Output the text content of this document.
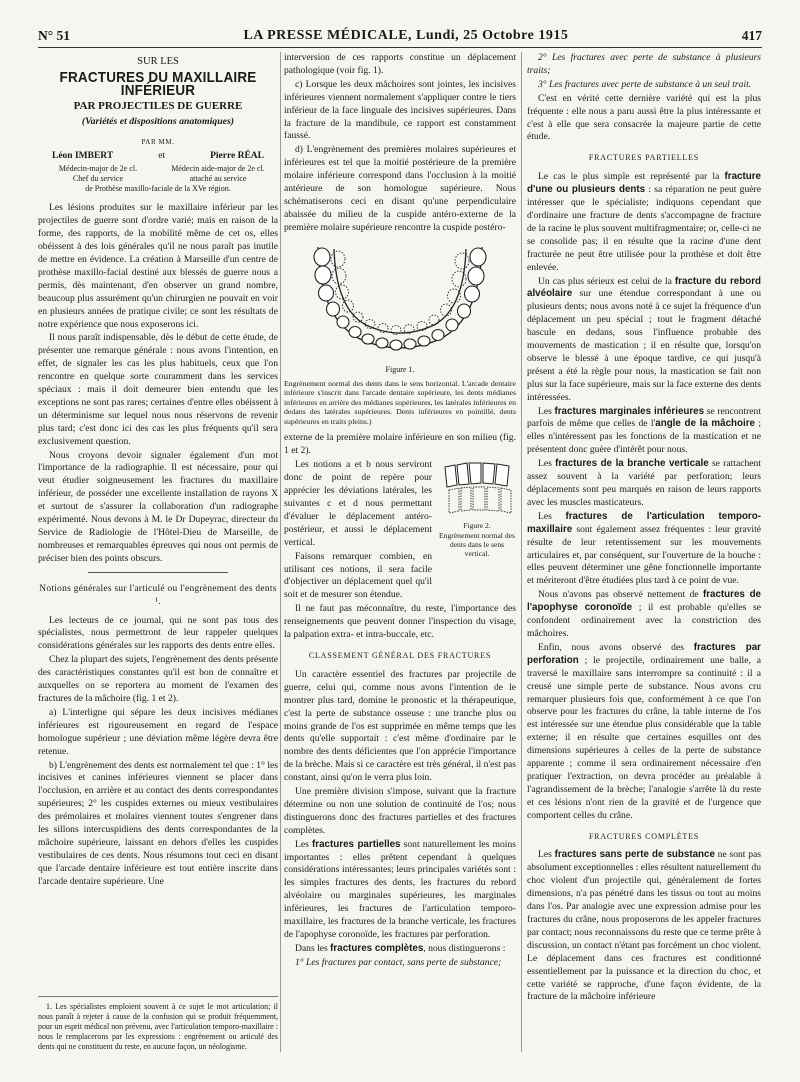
N° 51	LA PRESSE MÉDICALE, Lundi, 25 Octobre 1915	417
SUR LES
FRACTURES DU MAXILLAIRE INFÉRIEUR
PAR PROJECTILES DE GUERRE
(Variétés et dispositions anatomiques)
PAR MM.
Léon IMBERT	et	Pierre RÉAL
Médecin-major de 2e cl.
Chef du service
Médecin aide-major de 2e cl.
attaché au service
de Prothèse maxillo-faciale de la XVe région.

Les lésions produites sur le maxillaire inférieur par les projectiles de guerre sont d'ordre varié; mais en raison de la forme, des rapports, de la mobilité même de cet os, elles obéissent à des lois générales qu'il ne nous paraît pas inutile de mettre en évidence. La création à Marseille d'un centre de prothèse maxillo-facial destiné aux blessés de guerre nous a permis, dès maintenant, d'en observer un grand nombre, beaucoup plus assurément qu'un chirurgien ne pouvait en voir en plusieurs années de pratique civile; ce sont les résultats de notre expérience que nous exposerons ici.

Il nous paraît indispensable, dès le début de cette étude, de présenter une remarque générale : nous avons l'intention, en effet, de signaler les cas les plus habituels, ceux que l'on rencontre en quelque sorte couramment dans les services spéciaux : mais il doit demeurer bien entendu que les exceptions ne sont pas rares; certaines d'entre elles obéissent à un déterminisme sur lequel nous nous réservons de revenir plus tard; c'est donc ici des cas les plus fréquents qu'il sera exclusivement question.

Nous croyons devoir signaler également d'un mot l'importance de la radiographie. Il est nécessaire, pour qui veut étudier soigneusement les fractures du maxillaire inférieur, de posséder une excellente installation de rayons X et surtout de s'assurer la collaboration d'un radiographe expérimenté. Nous devons à M. le Dr Dupeyrac, directeur du Service de Radiologie de l'Hôtel-Dieu de Marseille, de nombreuses et remarquables épreuves qui nous ont permis de préciser bien des points obscurs.

Notions générales sur l'articulé ou l'engrènement des dents ¹.

Les lecteurs de ce journal, qui ne sont pas tous des spécialistes, nous permettront de leur rappeler quelques considérations générales sur les rapports des dents entre elles.

Chez la plupart des sujets, l'engrènement des dents présente des caractéristiques constantes qu'il est bon de connaître et auxquelles on se reportera au moment de l'examen des fractures de la mâchoire (fig. 1 et 2).

a) L'interligne qui sépare les deux incisives médianes inférieures est rigoureusement en regard de l'espace homologue supérieur ; une déviation même légère devra être retenue.

b) L'engrènement des dents est normalement tel que : 1° les incisives et canines inférieures viennent se placer dans l'occlusion, en arrière et au contact des dents correspondantes supérieures; 2° les cuspides externes ou mieux vestibulaires des prémolaires et molaires viennent toutes s'engrener dans les sillons intercuspidiens des dents correspondantes de la mâchoire supérieure, laissant en dehors d'elles les cuspides vestibulaires de ces dents. Nous résumons tout ceci en disant que l'arcade dentaire inférieure est tout entière inscrite dans l'arcade dentaire supérieure. Une

1. Les spécialistes emploient souvent à ce sujet le mot articulation; il nous paraît à rejeter à cause de la confusion qui se produit fréquemment, pour un esprit médical non prévenu, avec l'articulation temporo-maxillaire : nous le remplacerons par les expressions : engrènement ou articulé des dents qui ne constituent du reste, en aucune façon, un néologisme.

interversion de ces rapports constitue un déplacement pathologique (voir fig. 1).

c) Lorsque les deux mâchoires sont jointes, les incisives inférieures viennent normalement s'appliquer contre le tiers inférieur de la face linguale des incisives supérieures. Dans la fracture de la mandibule, ce rapport est constamment faussé.

d) L'engrènement des premières molaires supérieures et inférieures est tel que la moitié postérieure de la première molaire inférieure correspond dans l'occlusion à la moitié antérieure de son homologue supérieure. Nous schématiserons ceci en disant qu'une perpendiculaire abaissée du milieu de la cuspide antéro-externe de la première molaire supérieure rencontre la cuspide postéro-

Figure 1.
Engrènement normal des dents dans le sens horizontal. L'arcade dentaire inférieure s'inscrit dans l'arcade dentaire supérieure, les dents médianes inférieures en arrière des médianes supérieures, les latérales inférieures en dedans des latérales supérieures. Dents inférieures en pointillé, dents supérieures en traits pleins.)

externe de la première molaire inférieure en son milieu (fig. 1 et 2).

Les notions a et b nous serviront donc de point de repère pour apprécier les déviations latérales, les suivantes c et d nous permettant d'évaluer le déplacement antéro-postérieur, et aussi le déplacement vertical.

Faisons remarquer combien, en utilisant ces notions, il sera facile d'objectiver un déplacement quel qu'il soit et de mesurer son étendue.

Figure 2.
Engrènement normal des dents dans le sens vertical.

Il ne faut pas méconnaître, du reste, l'importance des renseignements que peuvent donner l'inspection du visage, la palpation extra- et intra-buccale, etc.

CLASSEMENT GÉNÉRAL DES FRACTURES

Un caractère essentiel des fractures par projectile de guerre, celui qui, comme nous avons l'intention de le montrer plus tard, domine le pronostic et la thérapeutique, c'est la perte de substance osseuse : une tranche plus ou moins grande de l'os est supprimée en même temps que les dents qu'elle supportait : c'est même d'ordinaire par le nombre des dents déficientes que l'on apprécie l'importance de la brèche. Mais si ce caractère est très général, il n'est pas constant, ainsi qu'on le verra plus loin.

Une première division s'impose, suivant que la fracture détermine ou non une solution de continuité de l'os; nous distinguerons donc des fractures partielles et des fractures complètes.

Les fractures partielles sont naturellement les moins importantes : elles prêtent cependant à quelques considérations intéressantes; leurs principales variétés sont : les simples fractures des dents, les fractures du rebord alvéolaire ou marginales supérieures, les marginales inférieures, les fractures de l'articulation temporo-maxillaire, les fractures de la branche verticale, les fractures de l'apophyse coronoïde, les fractures par perforation.

Dans les fractures complètes, nous distinguerons :

1° Les fractures par contact, sans perte de substance;

2° Les fractures avec perte de substance à plusieurs traits;

3° Les fractures avec perte de substance à un seul trait.

C'est en vérité cette dernière variété qui est la plus fréquente : elle nous a paru aussi être la plus intéressante et c'est à elle que sera consacrée la majeure partie de cette étude.

FRACTURES PARTIELLES

Le cas le plus simple est représenté par la fracture d'une ou plusieurs dents : sa réparation ne peut guère intéresser que le spécialiste; indiquons cependant que d'ordinaire une fracture de dents s'accompagne de fracture de la racine le plus souvent multifragmentaire; or, celle-ci ne se consolide pas; il en résulte que la racine d'une dent fracturée ne peut être utilisée pour la prothèse et doit être enlevée.

Un cas plus sérieux est celui de la fracture du rebord alvéolaire sur une étendue correspondant à une ou plusieurs dents; nous avons noté à ce sujet la fréquence d'un déplacement un peu spécial ; tout le fragment détaché bascule en dedans, sous l'influence probable des mouvements de mastication ; il en résulte que, lorsqu'on observe le blessé à une époque tardive, ce qui jusqu'à présent a été la règle pour nous, la mastication se fait non plus sur la face supérieure, mais sur la face externe des dents intéressées.

Les fractures marginales inférieures se rencontrent parfois de même que celles de l'angle de la mâchoire ; elles n'intéressent pas les fonctions de la mastication et ne présentent donc guère d'intérêt pour nous.

Les fractures de la branche verticale se rattachent assez souvent à la variété par perforation; leurs déplacements sont peu marqués en raison de leurs rapports avec les muscles masticateurs.

Les fractures de l'articulation temporo-maxillaire sont également assez fréquentes : leur gravité résulte de leur retentissement sur les mouvements articulaires et, par conséquent, sur l'ouverture de la bouche : elles peuvent déterminer une gêne fonctionnelle importante et mériteront d'être étudiées plus tard à ce point de vue.

Nous n'avons pas observé nettement de fractures de l'apophyse coronoïde ; il est probable qu'elles se confondent ordinairement avec la constriction des mâchoires.

Enfin, nous avons observé des fractures par perforation ; le projectile, ordinairement une balle, a traversé le maxillaire sans interrompre sa continuité : il a creusé une simple perte de substance. Nous avons cru remarquer plusieurs fois que, conformément à ce que l'on observe pour les fractures du crâne, la table interne de l'os est intéressée sur une étendue plus considérable que la table externe; il en résulte que certaines esquilles ont des dimensions supérieures à celles de la perte de substance apparente ; comme il sera ordinairement nécessaire d'en pratiquer l'extraction, on devra procéder au préalable à l'agrandissement de la brèche; l'analogie s'arrête là du reste et ces lésions n'ont rien de la gravité et de l'urgence que comportent celles du crâne.

FRACTURES COMPLÈTES

Les fractures sans perte de substance ne sont pas absolument exceptionnelles : elles résultent naturellement du choc violent d'un projectile qui, généralement de fortes dimensions, n'a pas pénétré dans les tissus ou tout au moins dans l'os. Par analogie avec une expression admise pour les fractures du crâne, nous proposerons de les appeler fractures par contact; nous reconnaissons du reste que ce terme prête à discussion, un contact n'étant pas forcément un choc violent. Le déplacement dans ces fractures est conditionné essentiellement par la puissance et la direction du choc, et cette variété se rapproche, d'une façon évidente, de la fracture de la mâchoire inférieure
